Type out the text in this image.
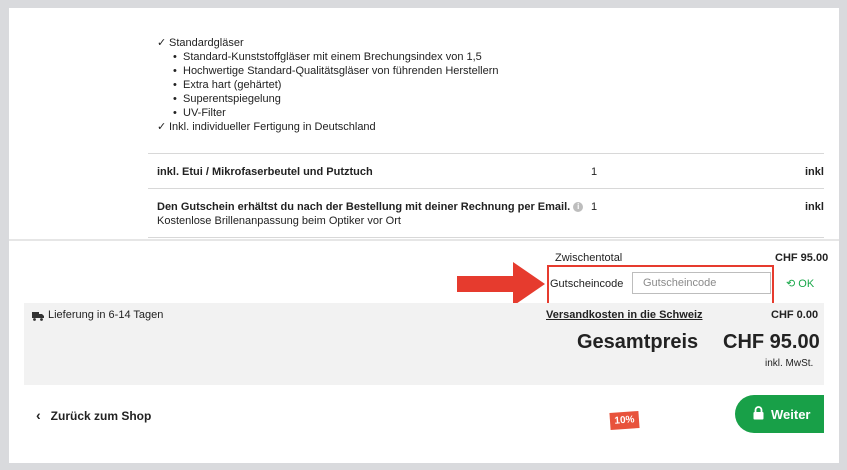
✓ Standardgläser
• Standard-Kunststoffgläser mit einem Brechungsindex von 1,5
• Hochwertige Standard-Qualitätsgläser von führenden Herstellern
• Extra hart (gehärtet)
• Superentspiegelung
• UV-Filter
✓ Inkl. individueller Fertigung in Deutschland
inkl. Etui / Mikrofaserbeutel und Putztuch	1	inkl
Den Gutschein erhältst du nach der Bestellung mit deiner Rechnung per Email. i
Kostenlose Brillenanpassung beim Optiker vor Ort
1	inkl
Zwischentotal	CHF 95.00
Gutscheincode
Gutscheincode	⟲ OK
Lieferung in 6-14 Tagen	Versandkosten in die Schweiz	CHF 0.00
Gesamtpreis CHF 95.00
inkl. MwSt.
‹ Zurück zum Shop	10%	Weiter
